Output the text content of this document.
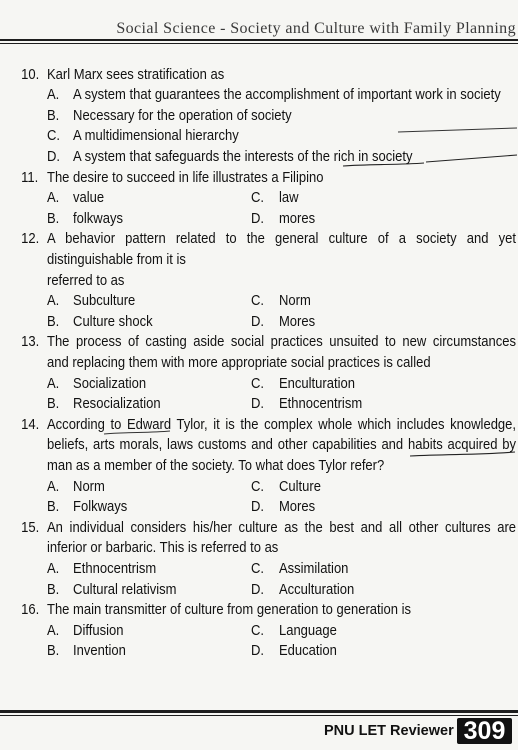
Social Science - Society and Culture with Family Planning
10. Karl Marx sees stratification as
A. A system that guarantees the accomplishment of important work in society
B. Necessary for the operation of society
C. A multidimensional hierarchy
D. A system that safeguards the interests of the rich in society
11. The desire to succeed in life illustrates a Filipino
A. value	C. law
B. folkways	D. mores
12. A behavior pattern related to the general culture of a society and yet
distinguishable from it is
referred to as
A. Subculture	C. Norm
B. Culture shock	D. Mores
13. The process of casting aside social practices unsuited to new circumstances
and replacing them with more appropriate social practices is called
A. Socialization	C. Enculturation
B. Resocialization	D. Ethnocentrism
14. According to Edward Tylor, it is the complex whole which includes knowledge,
beliefs, arts morals, laws customs and other capabilities and habits acquired by
man as a member of the society. To what does Tylor refer?
A. Norm	C. Culture
B. Folkways	D. Mores
15. An individual considers his/her culture as the best and all other cultures are
inferior or barbaric. This is referred to as
A. Ethnocentrism	C. Assimilation
B. Cultural relativism	D. Acculturation
16. The main transmitter of culture from generation to generation is
A. Diffusion	C. Language
B. Invention	D. Education
PNU LET Reviewer 309
